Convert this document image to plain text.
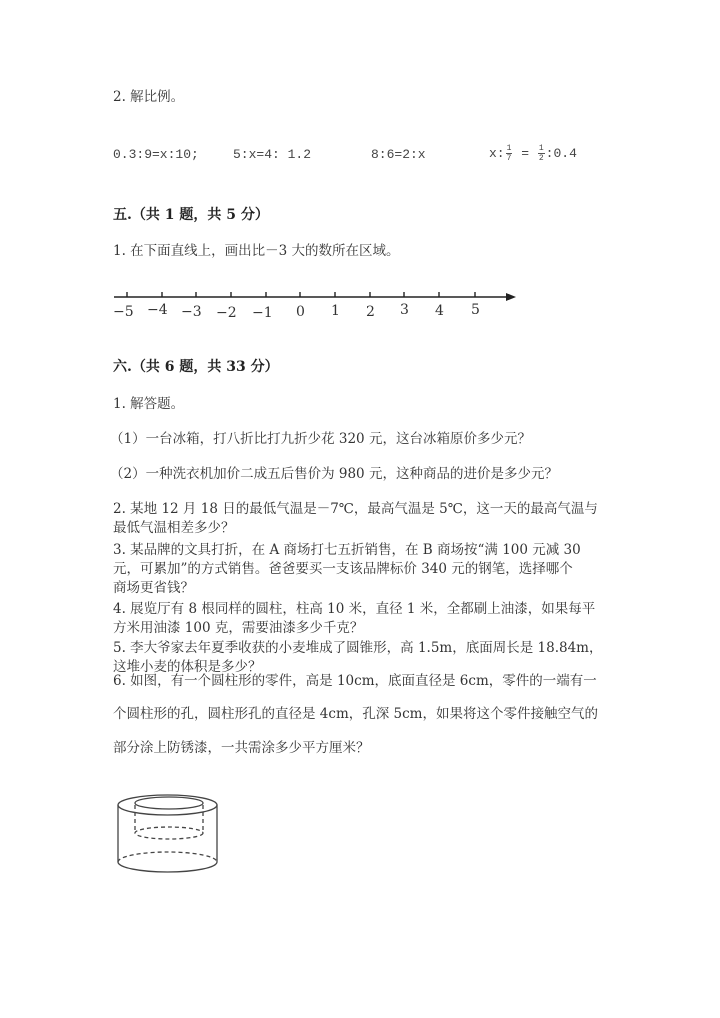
2. 解比例。
0.3:9=x:10;	5:x=4: 1.2	8:6=2:x	x: $\frac{1}{7} = \frac{1}{2}$ :0.4
五.（共 1 题，共 5 分）
1. 在下面直线上，画出比－3 大的数所在区域。
−5 −4 −3 −2 −1 0 1 2 3 4 5
六.（共 6 题，共 33 分）
1. 解答题。
（1）一台冰箱，打八折比打九折少花 320 元，这台冰箱原价多少元？
（2）一种洗衣机加价二成五后售价为 980 元，这种商品的进价是多少元？
2. 某地 12 月 18 日的最低气温是－7℃，最高气温是 5℃，这一天的最高气温与
最低气温相差多少？
3. 某品牌的文具打折，在 A 商场打七五折销售，在 B 商场按“满 100 元减 30
元，可累加”的方式销售。爸爸要买一支该品牌标价 340 元的钢笔，选择哪个
商场更省钱？
4. 展览厅有 8 根同样的圆柱，柱高 10 米，直径 1 米，全都刷上油漆，如果每平
方米用油漆 100 克，需要油漆多少千克？
5. 李大爷家去年夏季收获的小麦堆成了圆锥形，高 1.5m，底面周长是 18.84m，
这堆小麦的体积是多少？
6. 如图，有一个圆柱形的零件，高是 10cm，底面直径是 6cm，零件的一端有一
个圆柱形的孔，圆柱形孔的直径是 4cm，孔深 5cm，如果将这个零件接触空气的
部分涂上防锈漆，一共需涂多少平方厘米？
